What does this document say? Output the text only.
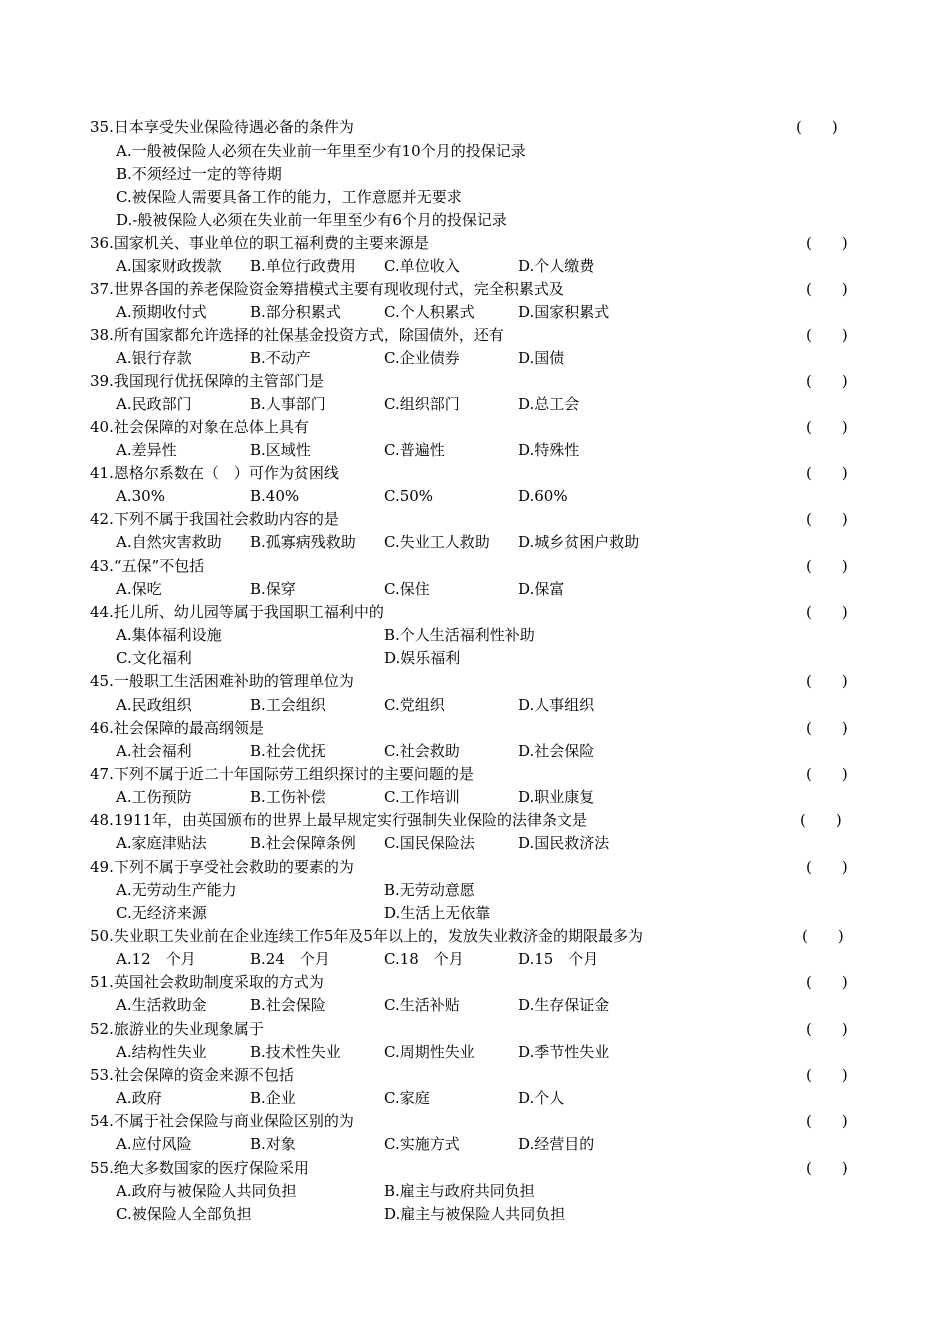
35.日本享受失业保险待遇必备的条件为	(　　)
A.一般被保险人必须在失业前一年里至少有10个月的投保记录
B.不须经过一定的等待期
C.被保险人需要具备工作的能力，工作意愿并无要求
D.-般被保险人必须在失业前一年里至少有6个月的投保记录
36.国家机关、事业单位的职工福利费的主要来源是	(　　)
A.国家财政拨款 B.单位行政费用 C.单位收入	D.个人缴费
37.世界各国的养老保险资金筹措模式主要有现收现付式，完全积累式及	(　　)
A.预期收付式	B.部分积累式	C.个人积累式	D.国家积累式
38.所有国家都允许选择的社保基金投资方式，除国债外，还有	(　　)
A.银行存款	B.不动产	C.企业债券	D.国债
39.我国现行优抚保障的主管部门是	(　　)
A.民政部门	B.人事部门	C.组织部门	D.总工会
40.社会保障的对象在总体上具有	(　　)
A.差异性	B.区域性	C.普遍性	D.特殊性
41.恩格尔系数在（　）可作为贫困线	(　　)
A.30%	B.40%	C.50%	D.60%
42.下列不属于我国社会救助内容的是	(　　)
A.自然灾害救助 B.孤寡病残救助 C.失业工人救助 D.城乡贫困户救助
43.“五保”不包括	(　　)
A.保吃	B.保穿	C.保住	D.保富
44.托儿所、幼儿园等属于我国职工福利中的	(　　)
A.集体福利设施	B.个人生活福利性补助
C.文化福利	D.娱乐福利
45.一般职工生活困难补助的管理单位为	(　　)
A.民政组织	B.工会组织	C.党组织	D.人事组织
46.社会保障的最高纲领是	(　　)
A.社会福利	B.社会优抚	C.社会救助	D.社会保险
47.下列不属于近二十年国际劳工组织探讨的主要问题的是	(　　)
A.工伤预防	B.工伤补偿	C.工作培训	D.职业康复
48.1911年，由英国颁布的世界上最早规定实行强制失业保险的法律条文是	(　　)
A.家庭津贴法	B.社会保障条例 C.国民保险法	D.国民救济法
49.下列不属于享受社会救助的要素的为	(　　)
A.无劳动生产能力	B.无劳动意愿
C.无经济来源	D.生活上无依靠
50.失业职工失业前在企业连续工作5年及5年以上的，发放失业救济金的期限最多为	(　　)
A.12　个月	B.24　个月	C.18　个月	D.15　个月
51.英国社会救助制度采取的方式为	(　　)
A.生活救助金	B.社会保险	C.生活补贴	D.生存保证金
52.旅游业的失业现象属于	(　　)
A.结构性失业	B.技术性失业	C.周期性失业	D.季节性失业
53.社会保障的资金来源不包括	(　　)
A.政府	B.企业	C.家庭	D.个人
54.不属于社会保险与商业保险区别的为	(　　)
A.应付风险	B.对象	C.实施方式	D.经营目的
55.绝大多数国家的医疗保险采用	(　　)
A.政府与被保险人共同负担	B.雇主与政府共同负担
C.被保险人全部负担	D.雇主与被保险人共同负担
